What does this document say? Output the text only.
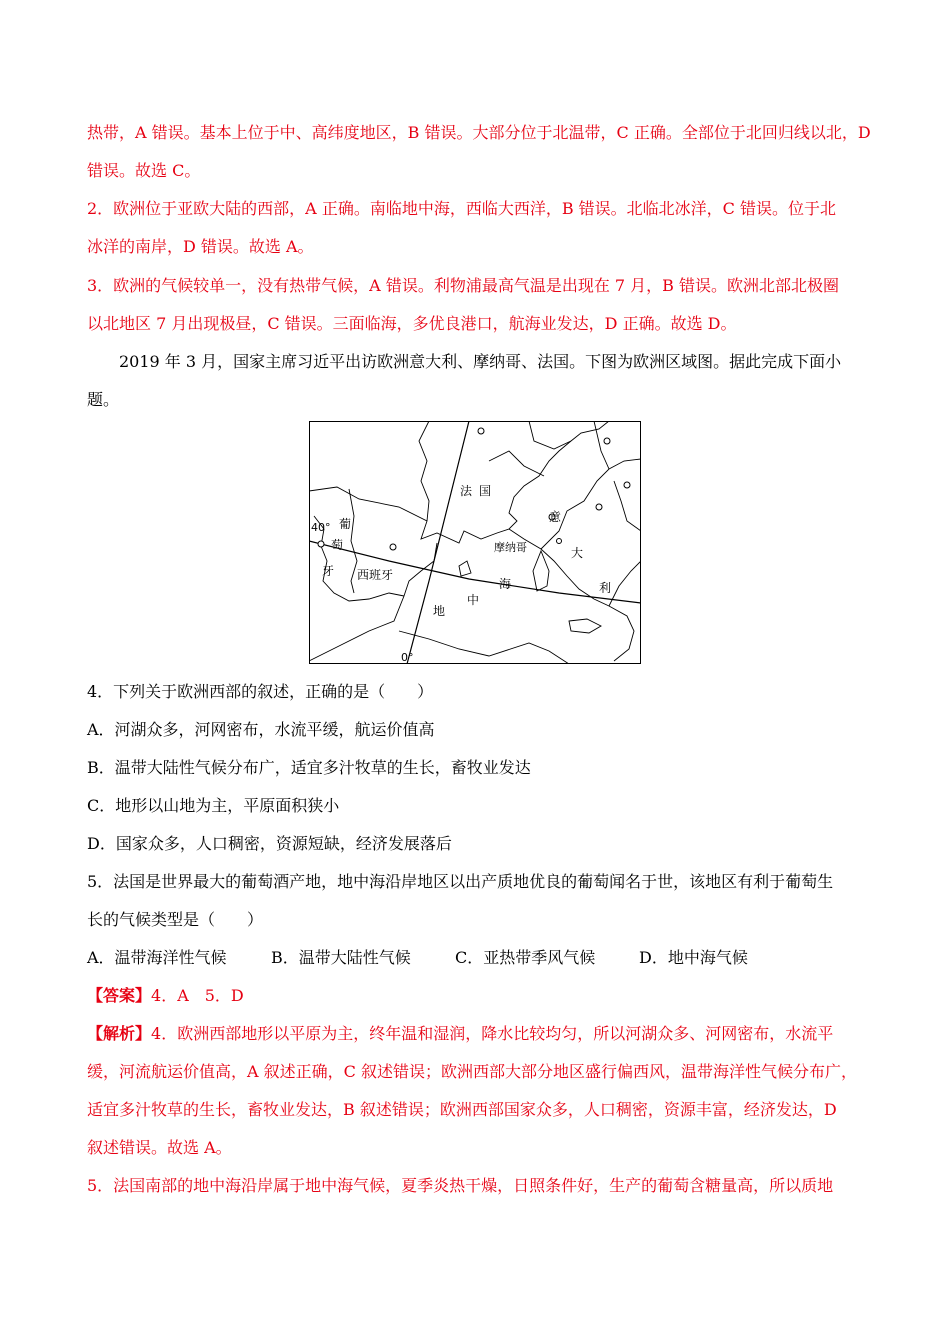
热带，A 错误。基本上位于中、高纬度地区，B 错误。大部分位于北温带，C 正确。全部位于北回归线以北，D
错误。故选 C。
2．欧洲位于亚欧大陆的西部，A 正确。南临地中海，西临大西洋，B 错误。北临北冰洋，C 错误。位于北
冰洋的南岸，D 错误。故选 A。
3．欧洲的气候较单一，没有热带气候，A 错误。利物浦最高气温是出现在 7 月，B 错误。欧洲北部北极圈
以北地区 7 月出现极昼，C 错误。三面临海，多优良港口，航海业发达，D 正确。故选 D。
2019 年 3 月，国家主席习近平出访欧洲意大利、摩纳哥、法国。下图为欧洲区域图。据此完成下面小
题。
法 国
意
大
利
葡
萄
牙 西班牙
摩纳哥
海
中
地
40°
0°
4．下列关于欧洲西部的叙述，正确的是（　　）
A．河湖众多，河网密布，水流平缓，航运价值高
B．温带大陆性气候分布广，适宜多汁牧草的生长，畜牧业发达
C．地形以山地为主，平原面积狭小
D．国家众多，人口稠密，资源短缺，经济发展落后
5．法国是世界最大的葡萄酒产地，地中海沿岸地区以出产质地优良的葡萄闻名于世，该地区有利于葡萄生
长的气候类型是（　　）
A．温带海洋性气候	B．温带大陆性气候	C．亚热带季风气候	D．地中海气候
【答案】4．A　5．D
【解析】4．欧洲西部地形以平原为主，终年温和湿润，降水比较均匀，所以河湖众多、河网密布，水流平
缓，河流航运价值高，A 叙述正确，C 叙述错误；欧洲西部大部分地区盛行偏西风，温带海洋性气候分布广，
适宜多汁牧草的生长，畜牧业发达，B 叙述错误；欧洲西部国家众多，人口稠密，资源丰富，经济发达，D
叙述错误。故选 A。
5．法国南部的地中海沿岸属于地中海气候，夏季炎热干燥，日照条件好，生产的葡萄含糖量高，所以质地
